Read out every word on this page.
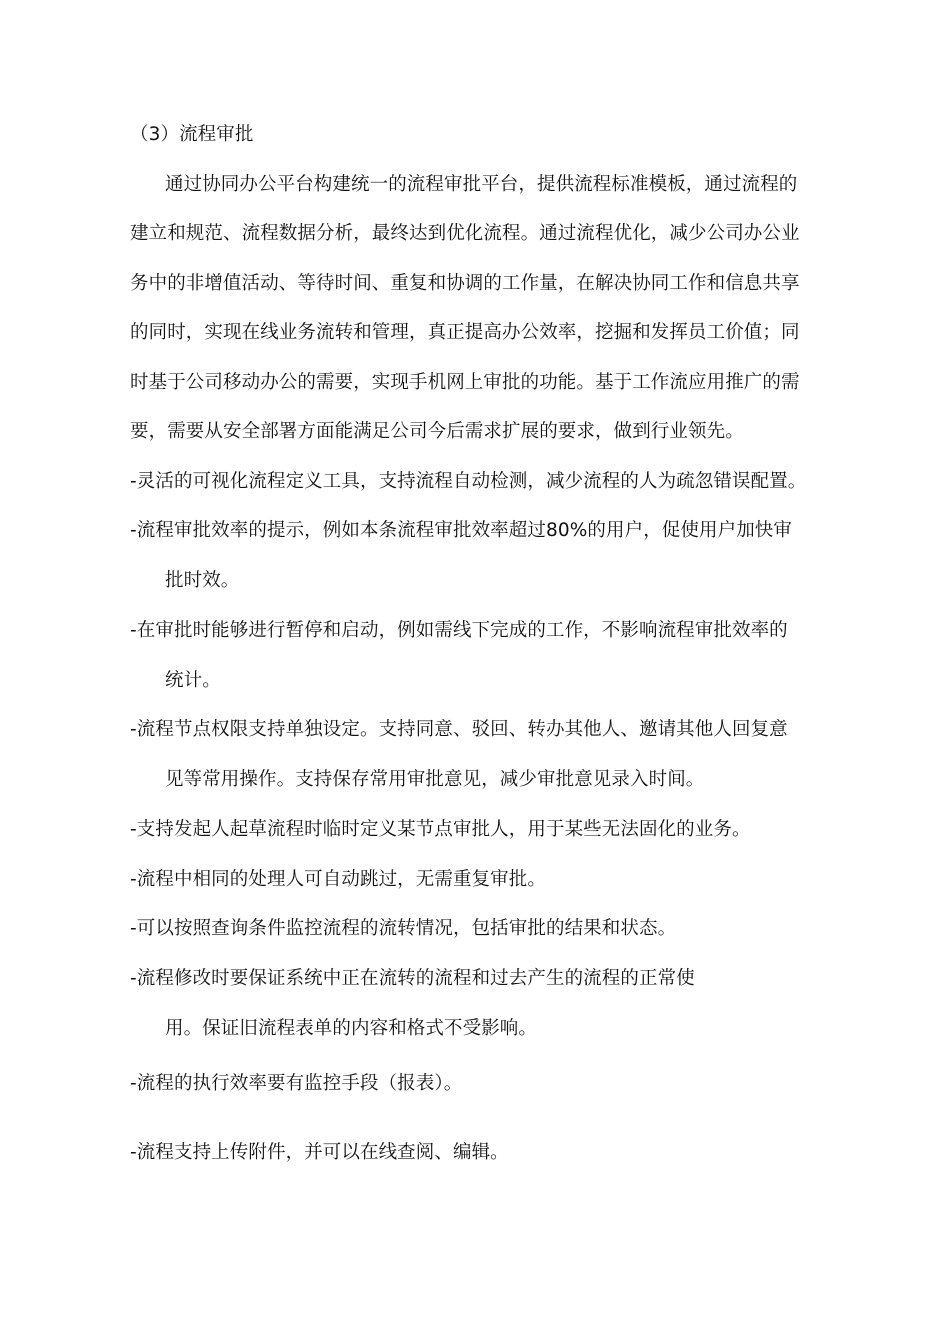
（3）流程审批
通过协同办公平台构建统一的流程审批平台，提供流程标准模板，通过流程的
建立和规范、流程数据分析，最终达到优化流程。通过流程优化，减少公司办公业
务中的非增值活动、等待时间、重复和协调的工作量，在解决协同工作和信息共享
的同时，实现在线业务流转和管理，真正提高办公效率，挖掘和发挥员工价值；同
时基于公司移动办公的需要，实现手机网上审批的功能。基于工作流应用推广的需
要，需要从安全部署方面能满足公司今后需求扩展的要求，做到行业领先。
-灵活的可视化流程定义工具，支持流程自动检测，减少流程的人为疏忽错误配置。
-流程审批效率的提示，例如本条流程审批效率超过80%的用户，促使用户加快审
批时效。
-在审批时能够进行暂停和启动，例如需线下完成的工作，不影响流程审批效率的
统计。
-流程节点权限支持单独设定。支持同意、驳回、转办其他人、邀请其他人回复意
见等常用操作。支持保存常用审批意见，减少审批意见录入时间。
-支持发起人起草流程时临时定义某节点审批人，用于某些无法固化的业务。
-流程中相同的处理人可自动跳过，无需重复审批。
-可以按照查询条件监控流程的流转情况，包括审批的结果和状态。
-流程修改时要保证系统中正在流转的流程和过去产生的流程的正常使
用。保证旧流程表单的内容和格式不受影响。
-流程的执行效率要有监控手段（报表）。
-流程支持上传附件，并可以在线查阅、编辑。
